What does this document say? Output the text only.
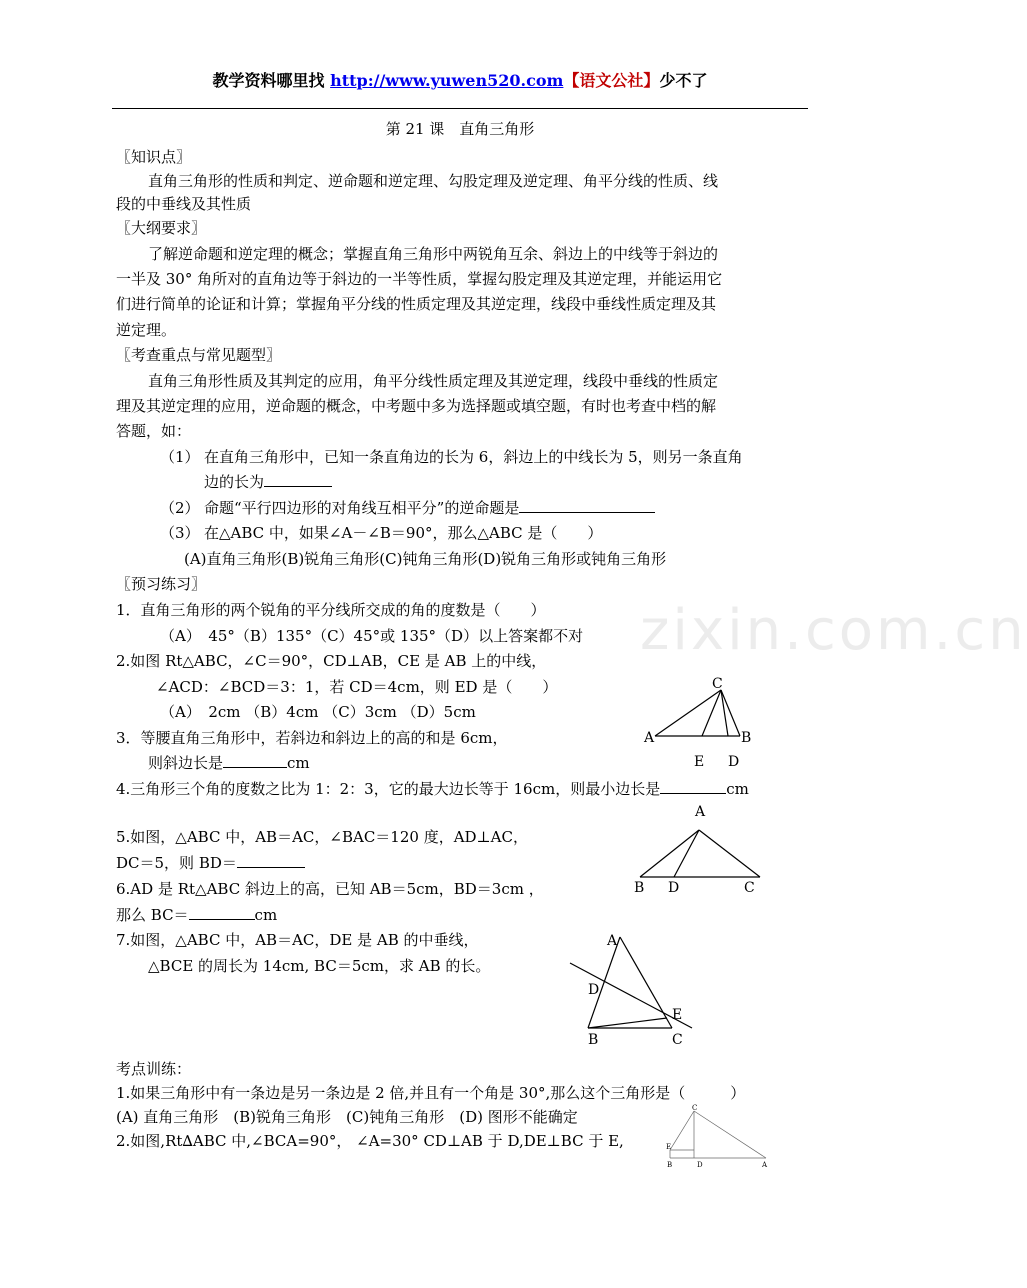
zixin.com.cn
教学资料哪里找 http://www.yuwen520.com【语文公社】少不了
第 21 课　直角三角形
〖知识点〗
直角三角形的性质和判定、逆命题和逆定理、勾股定理及逆定理、角平分线的性质、线
段的中垂线及其性质
〖大纲要求〗
了解逆命题和逆定理的概念；掌握直角三角形中两锐角互余、斜边上的中线等于斜边的
一半及 30° 角所对的直角边等于斜边的一半等性质，掌握勾股定理及其逆定理，并能运用它
们进行简单的论证和计算；掌握角平分线的性质定理及其逆定理，线段中垂线性质定理及其
逆定理。
〖考查重点与常见题型〗
直角三角形性质及其判定的应用，角平分线性质定理及其逆定理，线段中垂线的性质定
理及其逆定理的应用，逆命题的概念，中考题中多为选择题或填空题，有时也考查中档的解
答题，如：
（1） 在直角三角形中，已知一条直角边的长为 6，斜边上的中线长为 5，则另一条直角
边的长为
（2） 命题“平行四边形的对角线互相平分”的逆命题是
（3） 在△ABC 中，如果∠A－∠B＝90°，那么△ABC 是（　　）
(A)直角三角形(B)锐角三角形(C)钝角三角形(D)锐角三角形或钝角三角形
〖预习练习〗
1．直角三角形的两个锐角的平分线所交成的角的度数是（　　）
（A）　45°（B）135°（C）45°或 135°（D）以上答案都不对
2.如图 Rt△ABC，∠C＝90°，CD⊥AB，CE 是 AB 上的中线，
∠ACD：∠BCD＝3：1，若 CD＝4cm，则 ED 是（　　）
（A）　2cm （B）4cm （C）3cm （D）5cm
3．等腰直角三角形中，若斜边和斜边上的高的和是 6cm，
则斜边长是	cm
4.三角形三个角的度数之比为 1：2：3，它的最大边长等于 16cm，则最小边长是	cm
5.如图，△ABC 中，AB＝AC，∠BAC＝120 度，AD⊥AC，
DC＝5，则 BD＝
6.AD 是 Rt△ABC 斜边上的高，已知 AB＝5cm，BD＝3cm ，
那么 BC＝	cm
7.如图，△ABC 中，AB＝AC，DE 是 AB 的中垂线，
△BCE 的周长为 14cm, BC＝5cm，求 AB 的长。
考点训练：
1.如果三角形中有一条边是另一条边是 2 倍,并且有一个角是 30°,那么这个三角形是（　　　）
(A) 直角三角形　(B)锐角三角形　(C)钝角三角形　(D) 图形不能确定
2.如图,Rt∆ABC 中,∠BCA=90°， ∠A=30° CD⊥AB 于 D,DE⊥BC 于 E,
C
A	B
E D
A
B D	C
A
D
E
B	C
C
E
B	D	A
